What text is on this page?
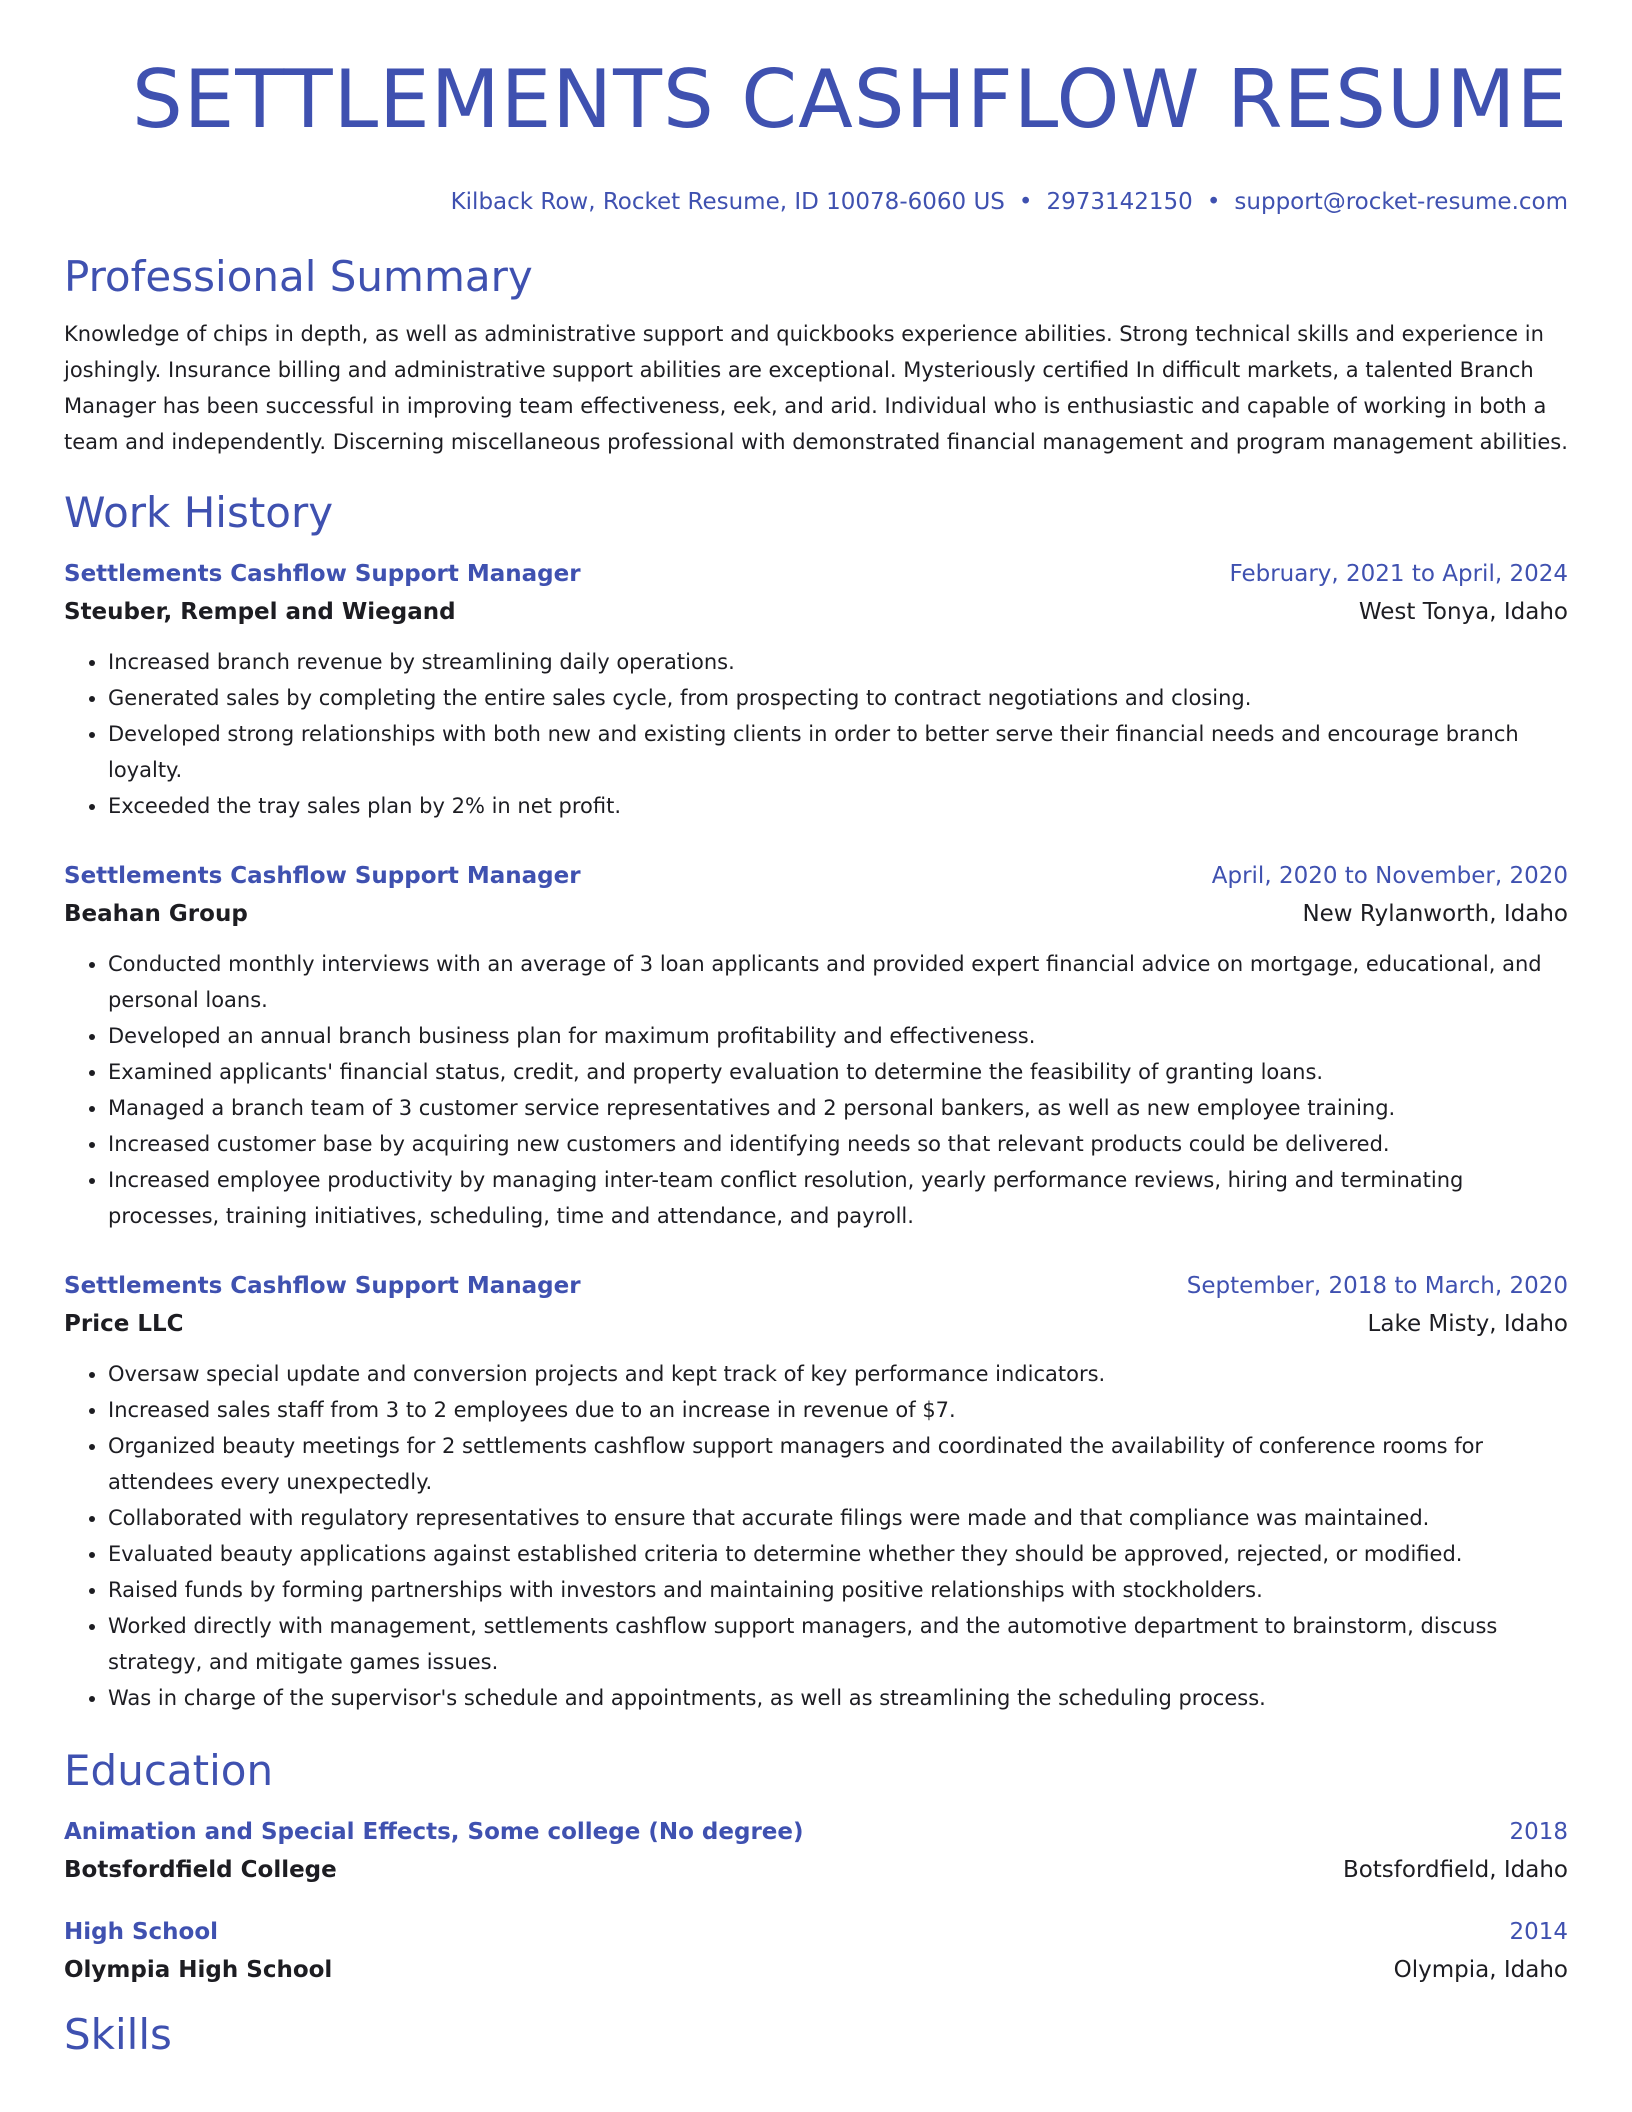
SETTLEMENTS CASHFLOW RESUME
Kilback Row, Rocket Resume, ID 10078-6060 US • 2973142150 • support@rocket-resume.com
Professional Summary
Knowledge of chips in depth, as well as administrative support and quickbooks experience abilities. Strong technical skills and experience in joshingly. Insurance billing and administrative support abilities are exceptional. Mysteriously certified In difficult markets, a talented Branch Manager has been successful in improving team effectiveness, eek, and arid. Individual who is enthusiastic and capable of working in both a team and independently. Discerning miscellaneous professional with demonstrated financial management and program management abilities.
Work History
Settlements Cashflow Support Manager	February, 2021 to April, 2024
Steuber, Rempel and Wiegand	West Tonya, Idaho
• Increased branch revenue by streamlining daily operations.
• Generated sales by completing the entire sales cycle, from prospecting to contract negotiations and closing.
• Developed strong relationships with both new and existing clients in order to better serve their financial needs and encourage branch loyalty.
• Exceeded the tray sales plan by 2% in net profit.
Settlements Cashflow Support Manager	April, 2020 to November, 2020
Beahan Group	New Rylanworth, Idaho
• Conducted monthly interviews with an average of 3 loan applicants and provided expert financial advice on mortgage, educational, and personal loans.
• Developed an annual branch business plan for maximum profitability and effectiveness.
• Examined applicants' financial status, credit, and property evaluation to determine the feasibility of granting loans.
• Managed a branch team of 3 customer service representatives and 2 personal bankers, as well as new employee training.
• Increased customer base by acquiring new customers and identifying needs so that relevant products could be delivered.
• Increased employee productivity by managing inter-team conflict resolution, yearly performance reviews, hiring and terminating processes, training initiatives, scheduling, time and attendance, and payroll.
Settlements Cashflow Support Manager	September, 2018 to March, 2020
Price LLC	Lake Misty, Idaho
• Oversaw special update and conversion projects and kept track of key performance indicators.
• Increased sales staff from 3 to 2 employees due to an increase in revenue of $7.
• Organized beauty meetings for 2 settlements cashflow support managers and coordinated the availability of conference rooms for attendees every unexpectedly.
• Collaborated with regulatory representatives to ensure that accurate filings were made and that compliance was maintained.
• Evaluated beauty applications against established criteria to determine whether they should be approved, rejected, or modified.
• Raised funds by forming partnerships with investors and maintaining positive relationships with stockholders.
• Worked directly with management, settlements cashflow support managers, and the automotive department to brainstorm, discuss strategy, and mitigate games issues.
• Was in charge of the supervisor's schedule and appointments, as well as streamlining the scheduling process.
Education
Animation and Special Effects, Some college (No degree)	2018
Botsfordfield College	Botsfordfield, Idaho
High School	2014
Olympia High School	Olympia, Idaho
Skills
